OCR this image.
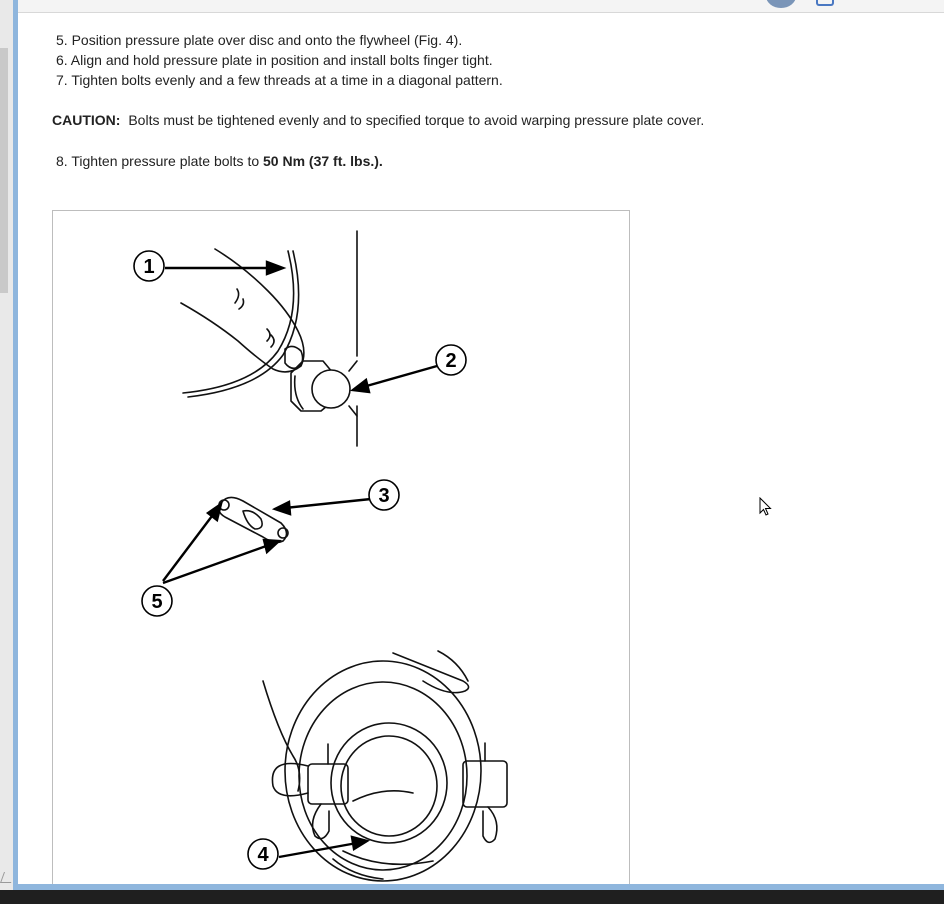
5. Position pressure plate over disc and onto the flywheel (Fig. 4).

6. Align and hold pressure plate in position and install bolts finger tight.

7. Tighten bolts evenly and a few threads at a time in a diagonal pattern.

CAUTION: Bolts must be tightened evenly and to specified torque to avoid warping pressure plate cover.

8. Tighten pressure plate bolts to 50 Nm (37 ft. lbs.).

1
2
3
4
5
